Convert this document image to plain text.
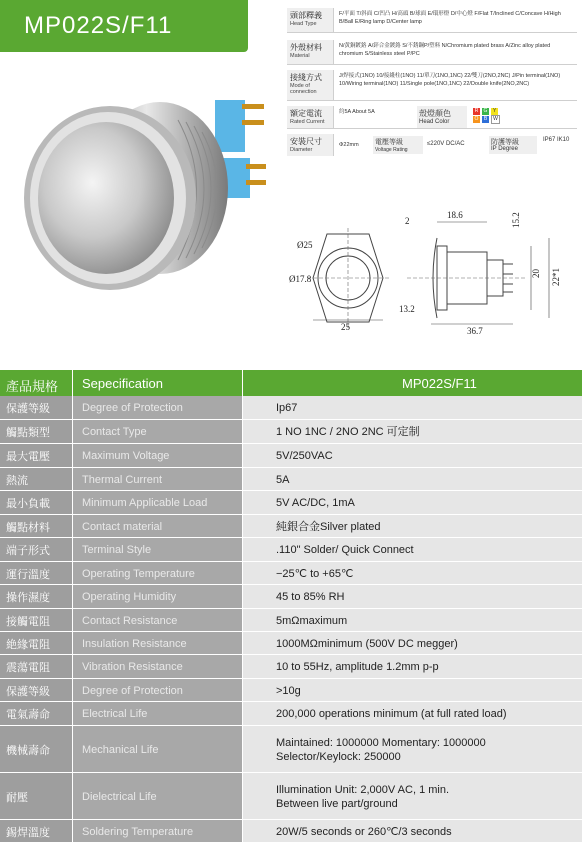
MP022S/F11	頭部釋義
Head Type
F/平面 T/斜面 C/凹凸 H/高頭 B/球面 E/環形燈 D/中心燈 F/Flat T/Inclined C/Concave H/High B/Ball E/Ring lamp D/Center lamp
外殼材料
Material
N/黃銅鍍鉻 A/鋅合金鍍鉻 S/不銹鋼P/塑料 N/Chromium plated brass A/Zinc alloy plated chromium S/Stainless steel P/PC
接綫方式
Mode of connection
J/焊接式(1NO) 10/接綫柱(1NO) 11/單刀(1NO,1NC) 22/雙刀(2NO,2NC) J/Pin terminal(1NO) 10/Wiring terminal(1NO) 11/Single pole(1NO,1NC) 22/Double knife(2NO,2NC)
額定電流
Rated Current
約5A About 5A	殼燈顏色
Head Color
R G Y
O B W
安裝尺寸
Diameter
Φ22mm	電壓等級
Voltage Rating
≤220V DC/AC	防護等級
IP Degree
IP67 IK10
Ø25
Ø17.8
25
2
18.6	15.2
20 22*1
13.2
36.7
產品規格 Sepecification	MP022S/F11
保護等級	Degree of Protection	Ip67
觸點類型	Contact Type	1 NO 1NC / 2NO 2NC 可定制
最大電壓	Maximum Voltage	5V/250VAC
熱流	Thermal Current	5A
最小負載	Minimum Applicable Load	5V AC/DC, 1mA
觸點材料	Contact material	純銀合金Silver plated
端子形式	Terminal Style	.110" Solder/ Quick Connect
運行溫度	Operating Temperature	−25℃ to +65℃
操作濕度	Operating Humidity	45 to 85% RH
接觸電阻	Contact Resistance	5mΩmaximum
絶緣電阻	Insulation Resistance	1000MΩminimum (500V DC megger)
震蕩電阻	Vibration Resistance	10 to 55Hz, amplitude 1.2mm p-p
保護等級	Degree of Protection	>10g
電氣壽命	Electrical Life	200,000 operations minimum (at full rated load)
機械壽命	Mechanical Life
Maintained: 1000000 Momentary: 1000000
Selector/Keylock: 250000
耐壓	Dielectrical Life
Illumination Unit: 2,000V AC, 1 min.
Between live part/ground
錫焊溫度	Soldering Temperature	20W/5 seconds or 260℃/3 seconds
